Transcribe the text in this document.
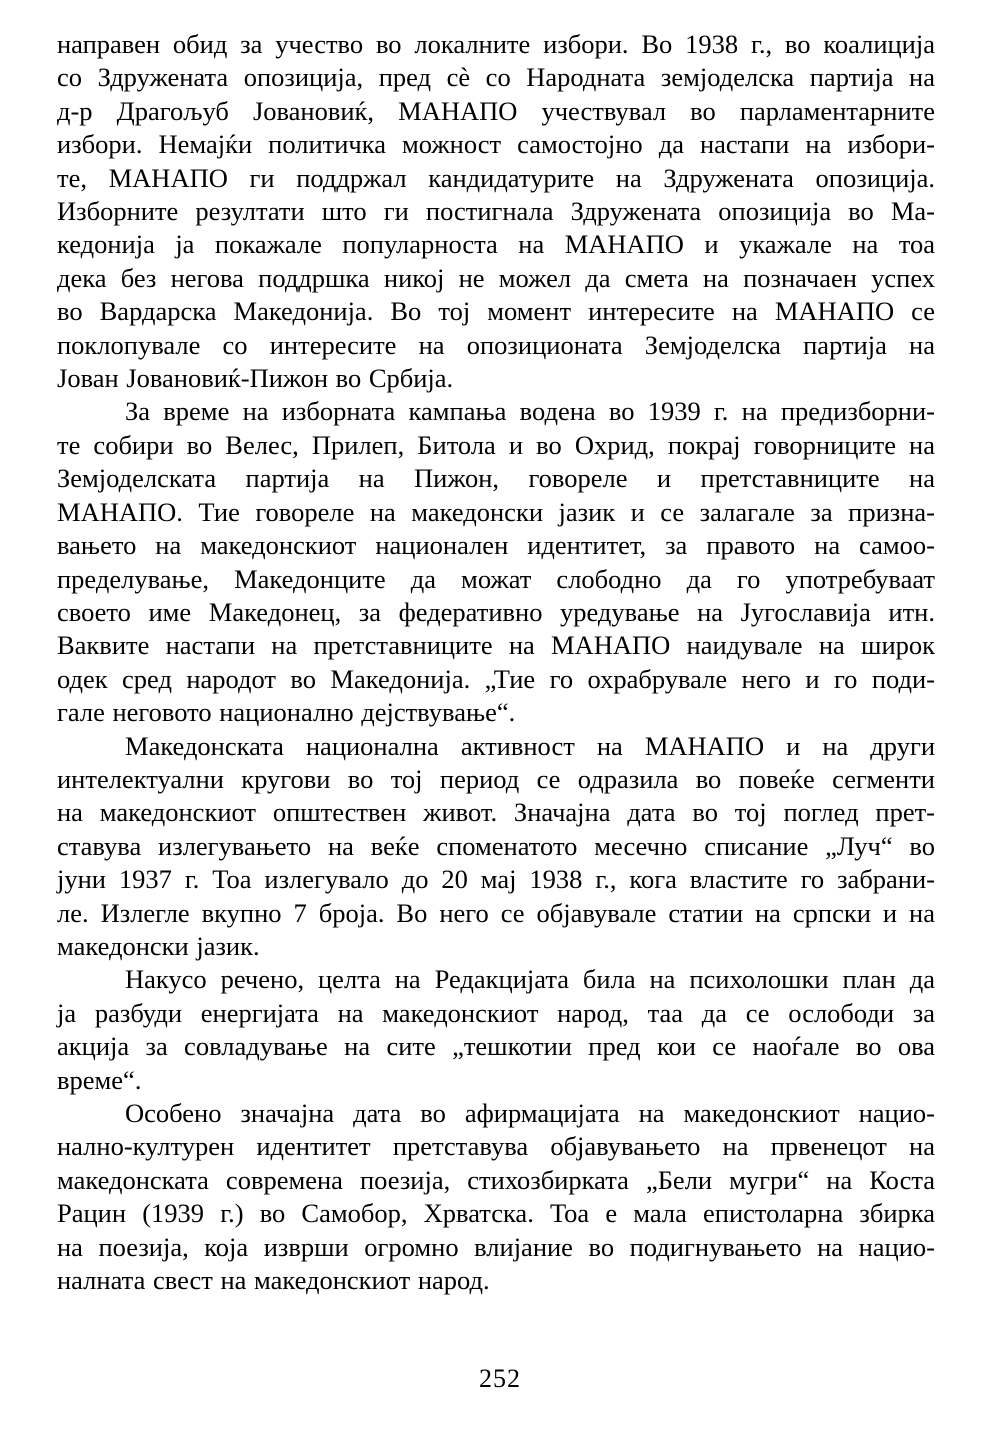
направен обид за учество во локалните избори. Во 1938 г., во коалиција
со Здружената опозиција, пред сè со Народната земјоделска партија на
д-р Драгољуб Јовановиќ, МАНАПО учествувал во парламентарните
избори. Немајќи политичка можност самостојно да настапи на избори-
те, МАНАПО ги поддржал кандидатурите на Здружената опозиција.
Изборните резултати што ги постигнала Здружената опозиција во Ма-
кедонија ја покажале популарноста на МАНАПО и укажале на тоа
дека без негова поддршка никој не можел да смета на позначаен успех
во Вардарска Македонија. Во тој момент интересите на МАНАПО се
поклопувале со интересите на опозиционата Земјоделска партија на
Јован Јовановиќ-Пижон во Србија.
За време на изборната кампања водена во 1939 г. на предизборни-
те собири во Велес, Прилеп, Битола и во Охрид, покрај говорниците на
Земјоделската партија на Пижон, говореле и претставниците на
МАНАПО. Тие говореле на македонски јазик и се залагале за призна-
вањето на македонскиот национален идентитет, за правото на самоо-
пределување, Македонците да можат слободно да го употребуваат
своето име Македонец, за федеративно уредување на Југославија итн.
Ваквите настапи на претставниците на МАНАПО наидувале на широк
одек сред народот во Македонија. „Тие го охрабрувале него и го поди-
гале неговото национално дејствување“.
Македонската национална активност на МАНАПО и на други
интелектуални кругови во тој период се одразила во повеќе сегменти
на македонскиот општествен живот. Значајна дата во тој поглед прет-
ставува излегувањето на веќе споменатото месечно списание „Луч“ во
јуни 1937 г. Тоа излегувало до 20 мај 1938 г., кога властите го забрани-
ле. Излегле вкупно 7 броја. Во него се објавувале статии на српски и на
македонски јазик.
Накусо речено, целта на Редакцијата била на психолошки план да
ја разбуди енергијата на македонскиот народ, таа да се ослободи за
акција за совладување на сите „тешкотии пред кои се наоѓале во ова
време“.
Особено значајна дата во афирмацијата на македонскиот нацио-
нално-културен идентитет претставува објавувањето на првенецот на
македонската современа поезија, стихозбирката „Бели мугри“ на Коста
Рацин (1939 г.) во Самобор, Хрватска. Тоа е мала епистоларна збирка
на поезија, која изврши огромно влијание во подигнувањето на нацио-
налната свест на македонскиот народ.
252
